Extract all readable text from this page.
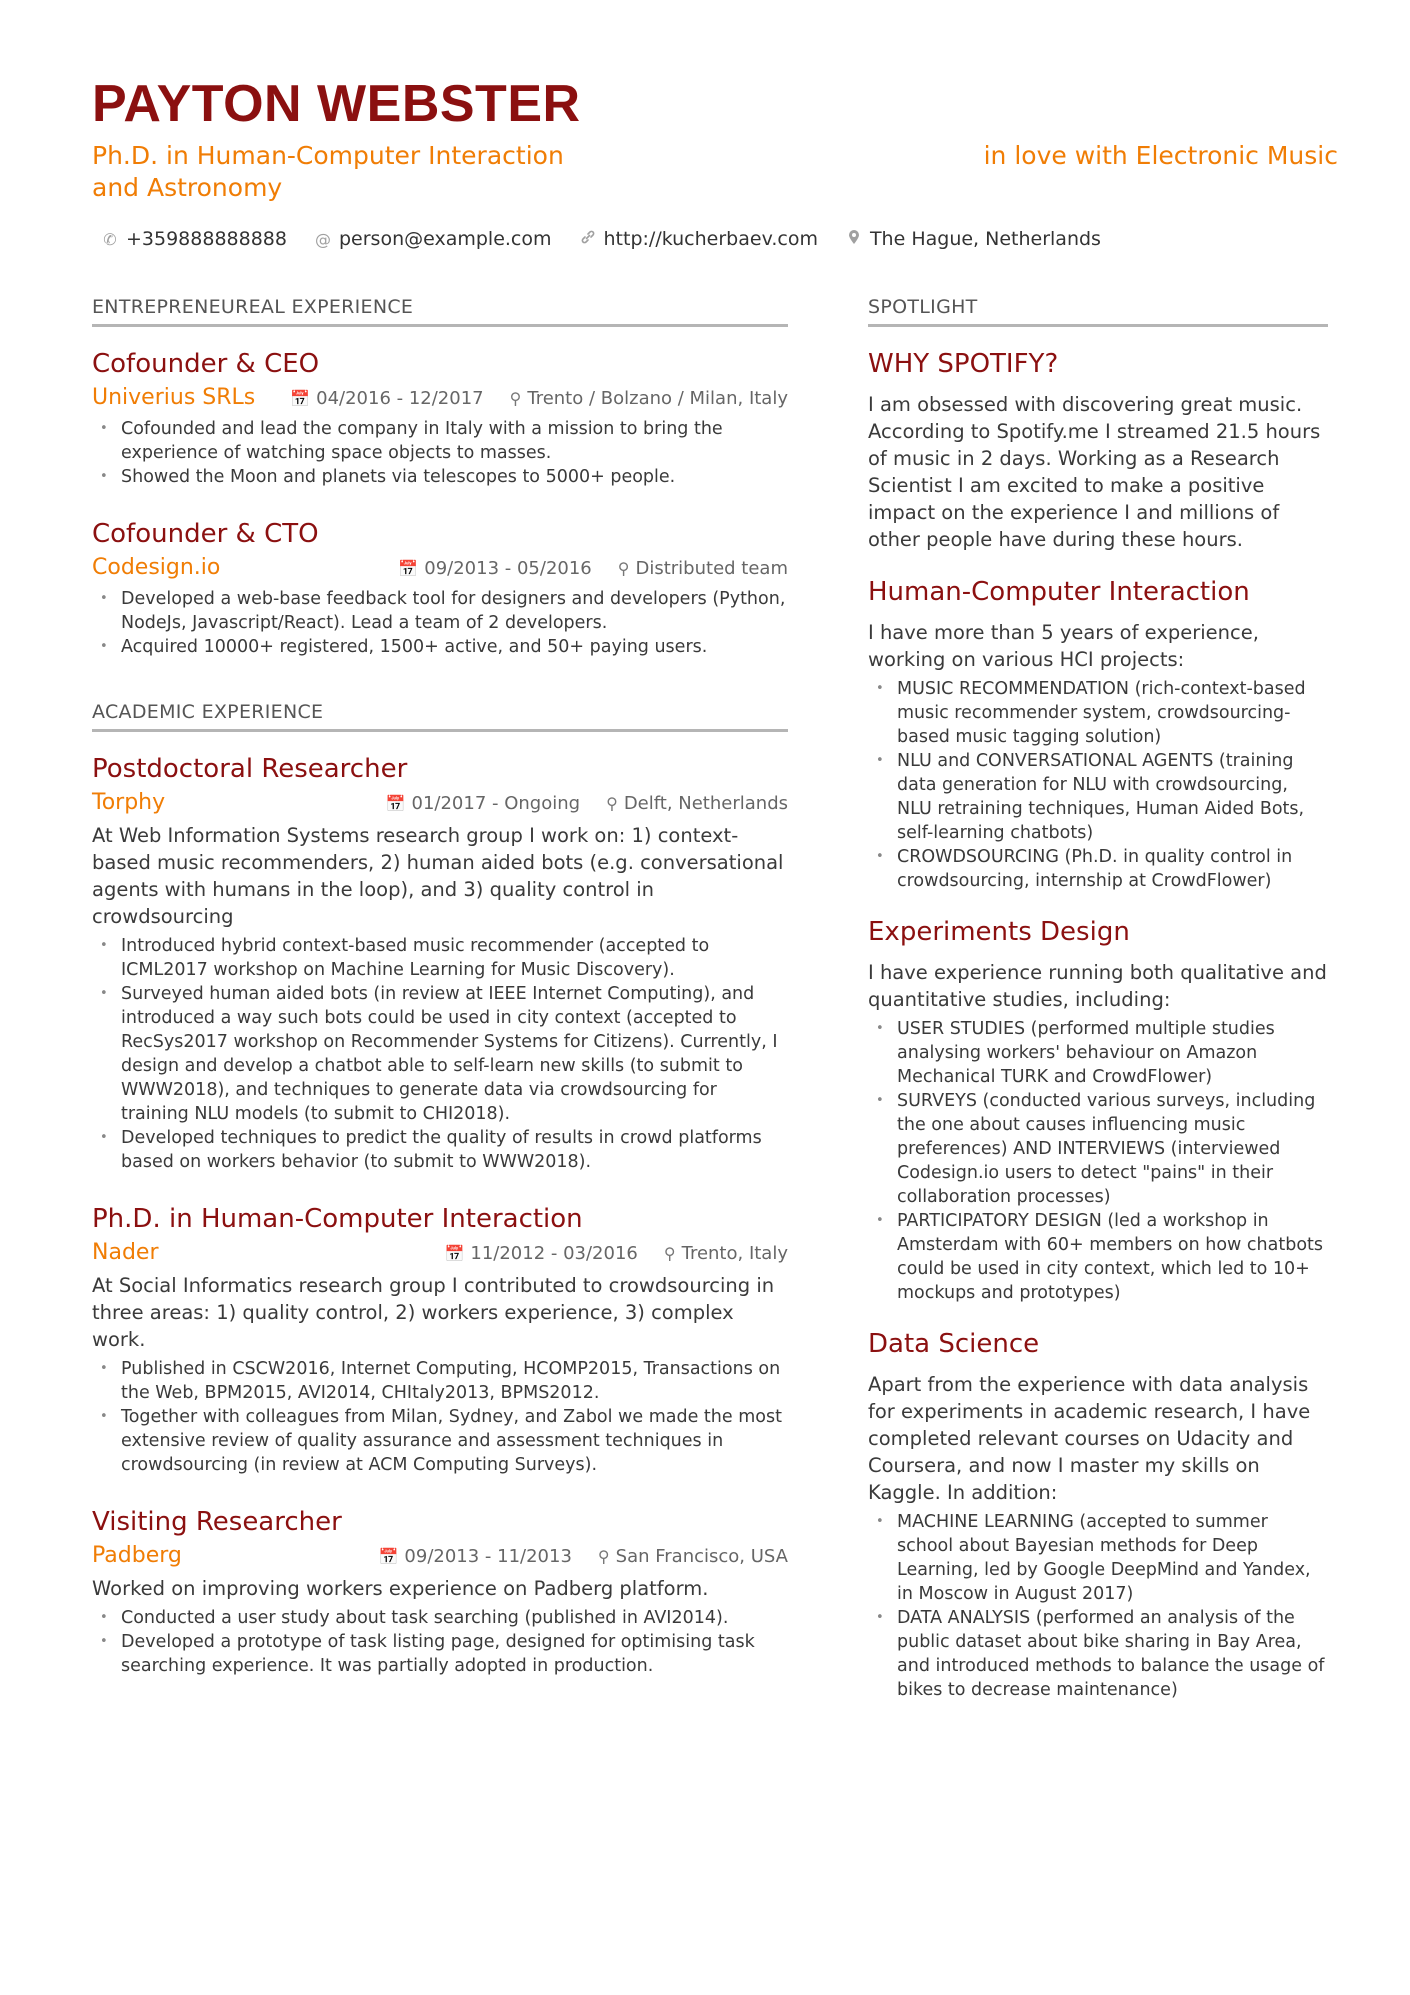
PAYTON WEBSTER
Ph.D. in Human-Computer Interaction and Astronomy
in love with Electronic Music
✆ +359888888888 @ person@example.com	http://kucherbaev.com	The Hague, Netherlands
ENTREPRENEUREAL EXPERIENCE
Cofounder & CEO
Univerius SRLs 📅 04/2016 - 12/2017 ⚲ Trento / Bolzano / Milan, Italy
• Cofounded and lead the company in Italy with a mission to bring the experience of watching space objects to masses.
• Showed the Moon and planets via telescopes to 5000+ people.
Cofounder & CTO
Codesign.io	📅 09/2013 - 05/2016 ⚲ Distributed team
• Developed a web-base feedback tool for designers and developers (Python, NodeJs, Javascript/React). Lead a team of 2 developers.
• Acquired 10000+ registered, 1500+ active, and 50+ paying users.
ACADEMIC EXPERIENCE
Postdoctoral Researcher
Torphy	📅 01/2017 - Ongoing ⚲ Delft, Netherlands
At Web Information Systems research group I work on: 1) context-based music recommenders, 2) human aided bots (e.g. conversational agents with humans in the loop), and 3) quality control in crowdsourcing
• Introduced hybrid context-based music recommender (accepted to ICML2017 workshop on Machine Learning for Music Discovery).
• Surveyed human aided bots (in review at IEEE Internet Computing), and introduced a way such bots could be used in city context (accepted to RecSys2017 workshop on Recommender Systems for Citizens). Currently, I design and develop a chatbot able to self-learn new skills (to submit to WWW2018), and techniques to generate data via crowdsourcing for training NLU models (to submit to CHI2018).
• Developed techniques to predict the quality of results in crowd platforms based on workers behavior (to submit to WWW2018).
Ph.D. in Human-Computer Interaction
Nader	📅 11/2012 - 03/2016 ⚲ Trento, Italy
At Social Informatics research group I contributed to crowdsourcing in three areas: 1) quality control, 2) workers experience, 3) complex work.
• Published in CSCW2016, Internet Computing, HCOMP2015, Transactions on the Web, BPM2015, AVI2014, CHItaly2013, BPMS2012.
• Together with colleagues from Milan, Sydney, and Zabol we made the most extensive review of quality assurance and assessment techniques in crowdsourcing (in review at ACM Computing Surveys).
Visiting Researcher
Padberg	📅 09/2013 - 11/2013 ⚲ San Francisco, USA
Worked on improving workers experience on Padberg platform.
• Conducted a user study about task searching (published in AVI2014).
• Developed a prototype of task listing page, designed for optimising task searching experience. It was partially adopted in production.
SPOTLIGHT
WHY SPOTIFY?
I am obsessed with discovering great music. According to Spotify.me I streamed 21.5 hours of music in 2 days. Working as a Research Scientist I am excited to make a positive impact on the experience I and millions of other people have during these hours.
Human-Computer Interaction
I have more than 5 years of experience, working on various HCI projects:
• MUSIC RECOMMENDATION (rich-context-based music recommender system, crowdsourcing-based music tagging solution)
• NLU and CONVERSATIONAL AGENTS (training data generation for NLU with crowdsourcing, NLU retraining techniques, Human Aided Bots, self-learning chatbots)
• CROWDSOURCING (Ph.D. in quality control in crowdsourcing, internship at CrowdFlower)
Experiments Design
I have experience running both qualitative and quantitative studies, including:
• USER STUDIES (performed multiple studies analysing workers' behaviour on Amazon Mechanical TURK and CrowdFlower)
• SURVEYS (conducted various surveys, including the one about causes influencing music preferences) AND INTERVIEWS (interviewed Codesign.io users to detect "pains" in their collaboration processes)
• PARTICIPATORY DESIGN (led a workshop in Amsterdam with 60+ members on how chatbots could be used in city context, which led to 10+ mockups and prototypes)
Data Science
Apart from the experience with data analysis for experiments in academic research, I have completed relevant courses on Udacity and Coursera, and now I master my skills on Kaggle. In addition:
• MACHINE LEARNING (accepted to summer school about Bayesian methods for Deep Learning, led by Google DeepMind and Yandex, in Moscow in August 2017)
• DATA ANALYSIS (performed an analysis of the public dataset about bike sharing in Bay Area, and introduced methods to balance the usage of bikes to decrease maintenance)
